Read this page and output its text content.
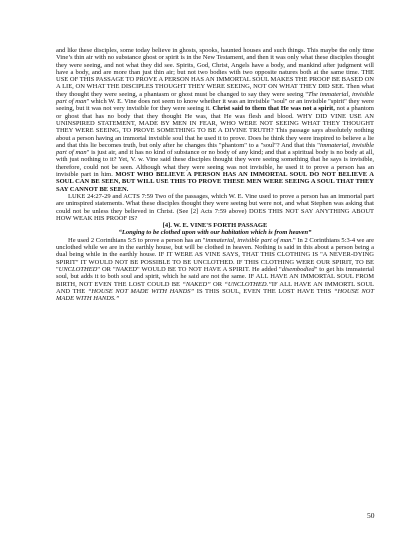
and like these disciples, some today believe in ghosts, spooks, haunted houses and such things. This maybe the only time Vine’s thin air with no substance ghost or spirit is in the New Testament, and then it was only what these disciples thought they were seeing, and not what they did see. Spirits, God, Christ, Angels have a body, and mankind after judgment will have a body, and are more than just thin air; but not two bodies with two opposite natures both at the same time. THE USE OF THIS PASSAGE TO PROVE A PERSON HAS AN IMMORTAL SOUL MAKES THE PROOF BE BASED ON A LIE, ON WHAT THE DISCIPLES THOUGHT THEY WERE SEEING, NOT ON WHAT THEY DID SEE. Then what they thought they were seeing, a phantasm or ghost must be changed to say they were seeing "The immaterial, invisible part of man" which W. E. Vine does not seem to know whether it was an invisible "soul" or an invisible "spirit" they were seeing, but it was not very invisible for they were seeing it. Christ said to them that He was not a spirit, not a phantom or ghost that has no body that they thought He was, that He was flesh and blood. WHY DID VINE USE AN UNINSPIRED STATEMENT, MADE BY MEN IN FEAR, WHO WERE NOT SEEING WHAT THEY THOUGHT THEY WERE SEEING, TO PROVE SOMETHING TO BE A DIVINE TRUTH? This passage says absolutely nothing about a person having an immortal invisible soul that he used it to prove. Does he think they were inspired to believe a lie and that this lie becomes truth, but only after he changes this "phantom" to a "soul"? And that this "immaterial, invisible part of man" is just air, and it has no kind of substance or no body of any kind; and that a spiritual body is no body at all, with just nothing to it? Yet, V. w. Vine said these disciples thought they were seeing something that he says is invisible, therefore, could not be seen. Although what they were seeing was not invisible, he used it to prove a person has an invisible part in him. MOST WHO BELIEVE A PERSON HAS AN IMMORTAL SOUL DO NOT BELIEVE A SOUL CAN BE SEEN, BUT WILL USE THIS TO PROVE THESE MEN WERE SEEING A SOUL THAT THEY SAY CANNOT BE SEEN.

LUKE 24:27-29 and ACTS 7:59 Two of the passages, which W. E. Vine used to prove a person has an immortal part are uninspired statements. What these disciples thought they were seeing but were not, and what Stephen was asking that could not be unless they believed in Christ. (See [2] Acts 7:59 above) DOES THIS NOT SAY ANYTHING ABOUT HOW WEAK HIS PROOF IS?

[4]. W. E. VINE'S FORTH PASSAGE

“Longing to be clothed upon with our habitation which is from heaven”

He used 2 Corinthians 5:5 to prove a person has an "immaterial, invisible part of man." In 2 Corinthians 5:3-4 we are unclothed while we are in the earthly house, but will be clothed in heaven. Nothing is said in this about a person being a dual being while in the earthly house. IF IT WERE AS VINE SAYS, THAT THIS CLOTHING IS "A NEVER-DYING SPIRIT" IT WOULD NOT BE POSSIBLE TO BE UNCLOTHED. IF THIS CLOTHING WERE OUR SPIRIT, TO BE "UNCLOTHED" OR "NAKED" WOULD BE TO NOT HAVE A SPIRIT. He added "disembodied" to get his immaterial soul, but adds it to both soul and spirit, which he said are not the same. IF ALL HAVE AN IMMORTAL SOUL FROM BIRTH, NOT EVEN THE LOST COULD BE “NAKED” OR “UNCLOTHED.”IF ALL HAVE AN IMMORTL SOUL AND THE “HOUSE NOT MADE WITH HANDS” IS THIS SOUL, EVEN THE LOST HAVE THIS “HOUSE NOT MADE WITH HANDS.”

50
